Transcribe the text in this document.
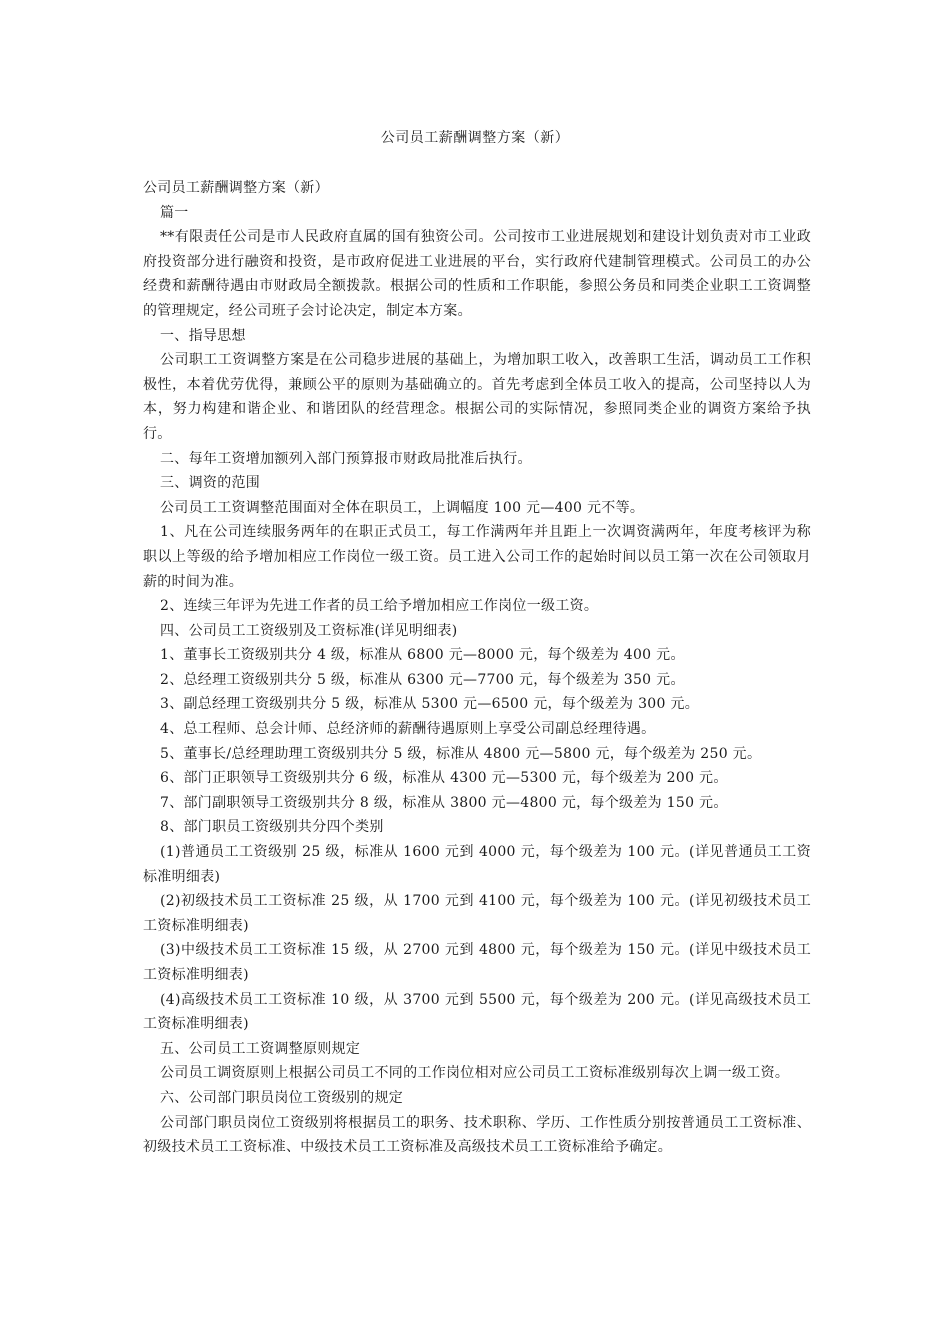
公司员工薪酬调整方案（新）

公司员工薪酬调整方案（新）

篇一

**有限责任公司是市人民政府直属的国有独资公司。公司按市工业进展规划和建设计划负责对市工业政府投资部分进行融资和投资，是市政府促进工业进展的平台，实行政府代建制管理模式。公司员工的办公经费和薪酬待遇由市财政局全额拨款。根据公司的性质和工作职能，参照公务员和同类企业职工工资调整的管理规定，经公司班子会讨论决定，制定本方案。

一、指导思想

公司职工工资调整方案是在公司稳步进展的基础上，为增加职工收入，改善职工生活，调动员工工作积极性，本着优劳优得，兼顾公平的原则为基础确立的。首先考虑到全体员工收入的提高，公司坚持以人为本，努力构建和谐企业、和谐团队的经营理念。根据公司的实际情况，参照同类企业的调资方案给予执行。

二、每年工资增加额列入部门预算报市财政局批准后执行。

三、调资的范围

公司员工工资调整范围面对全体在职员工，上调幅度 100 元—400 元不等。

1、凡在公司连续服务两年的在职正式员工，每工作满两年并且距上一次调资满两年，年度考核评为称职以上等级的给予增加相应工作岗位一级工资。员工进入公司工作的起始时间以员工第一次在公司领取月薪的时间为准。

2、连续三年评为先进工作者的员工给予增加相应工作岗位一级工资。

四、公司员工工资级别及工资标准(详见明细表)

1、董事长工资级别共分 4 级，标准从 6800 元—8000 元，每个级差为 400 元。

2、总经理工资级别共分 5 级，标准从 6300 元—7700 元，每个级差为 350 元。

3、副总经理工资级别共分 5 级，标准从 5300 元—6500 元，每个级差为 300 元。

4、总工程师、总会计师、总经济师的薪酬待遇原则上享受公司副总经理待遇。

5、董事长/总经理助理工资级别共分 5 级，标准从 4800 元—5800 元，每个级差为 250 元。

6、部门正职领导工资级别共分 6 级，标准从 4300 元—5300 元，每个级差为 200 元。

7、部门副职领导工资级别共分 8 级，标准从 3800 元—4800 元，每个级差为 150 元。

8、部门职员工资级别共分四个类别

(1)普通员工工资级别 25 级，标准从 1600 元到 4000 元，每个级差为 100 元。(详见普通员工工资标准明细表)

(2)初级技术员工工资标准 25 级，从 1700 元到 4100 元，每个级差为 100 元。(详见初级技术员工工资标准明细表)

(3)中级技术员工工资标准 15 级，从 2700 元到 4800 元，每个级差为 150 元。(详见中级技术员工工资标准明细表)

(4)高级技术员工工资标准 10 级，从 3700 元到 5500 元，每个级差为 200 元。(详见高级技术员工工资标准明细表)

五、公司员工工资调整原则规定

公司员工调资原则上根据公司员工不同的工作岗位相对应公司员工工资标准级别每次上调一级工资。

六、公司部门职员岗位工资级别的规定

公司部门职员岗位工资级别将根据员工的职务、技术职称、学历、工作性质分别按普通员工工资标准、初级技术员工工资标准、中级技术员工工资标准及高级技术员工工资标准给予确定。
